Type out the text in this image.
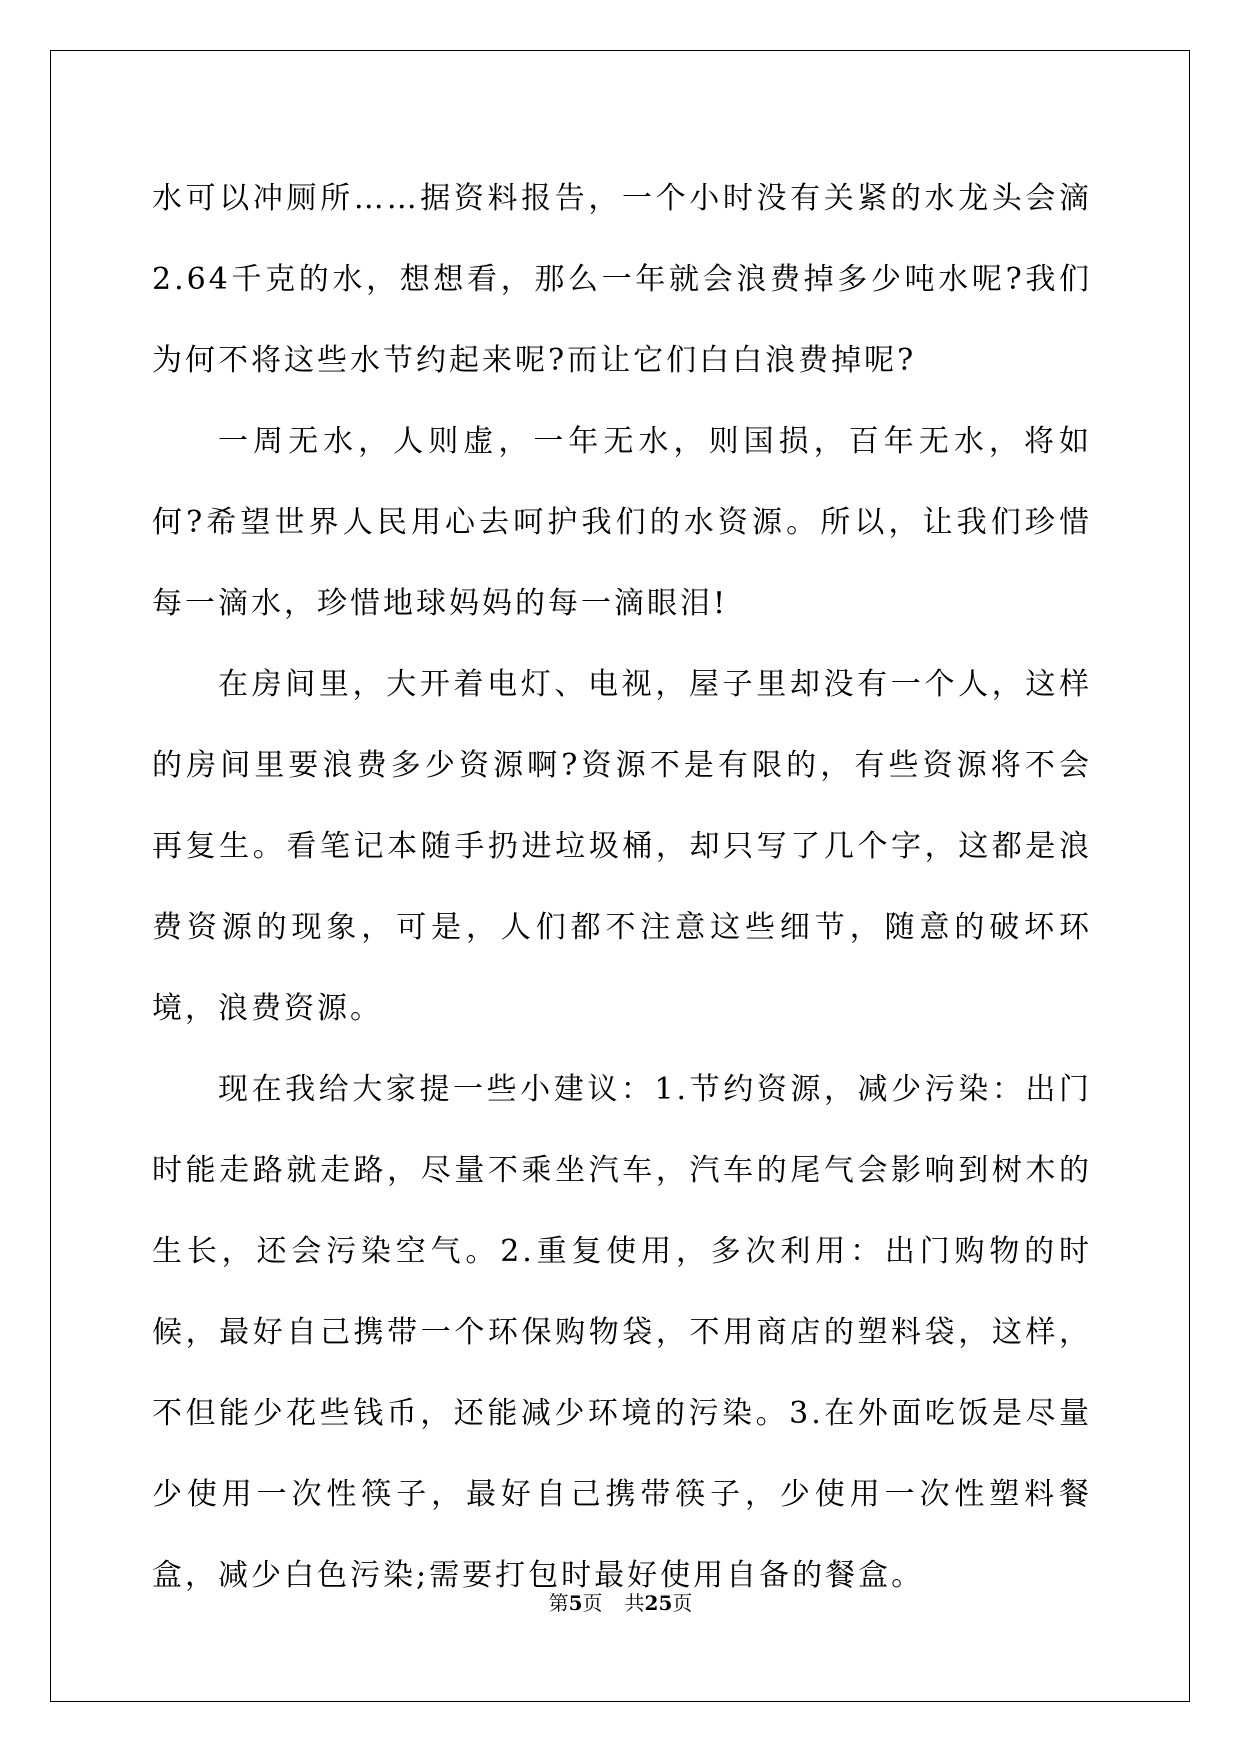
水可以冲厕所……据资料报告，一个小时没有关紧的水龙头会滴2.64千克的水，想想看，那么一年就会浪费掉多少吨水呢?我们为何不将这些水节约起来呢?而让它们白白浪费掉呢?

一周无水，人则虚，一年无水，则国损，百年无水，将如何?希望世界人民用心去呵护我们的水资源。所以，让我们珍惜每一滴水，珍惜地球妈妈的每一滴眼泪!

在房间里，大开着电灯、电视，屋子里却没有一个人，这样的房间里要浪费多少资源啊?资源不是有限的，有些资源将不会再复生。看笔记本随手扔进垃圾桶，却只写了几个字，这都是浪费资源的现象，可是，人们都不注意这些细节，随意的破坏环境，浪费资源。

现在我给大家提一些小建议：1.节约资源，减少污染：出门时能走路就走路，尽量不乘坐汽车，汽车的尾气会影响到树木的生长，还会污染空气。2.重复使用，多次利用：出门购物的时候，最好自己携带一个环保购物袋，不用商店的塑料袋，这样，不但能少花些钱币，还能减少环境的污染。3.在外面吃饭是尽量少使用一次性筷子，最好自己携带筷子，少使用一次性塑料餐盒，减少白色污染;需要打包时最好使用自备的餐盒。

第5页 共25页
